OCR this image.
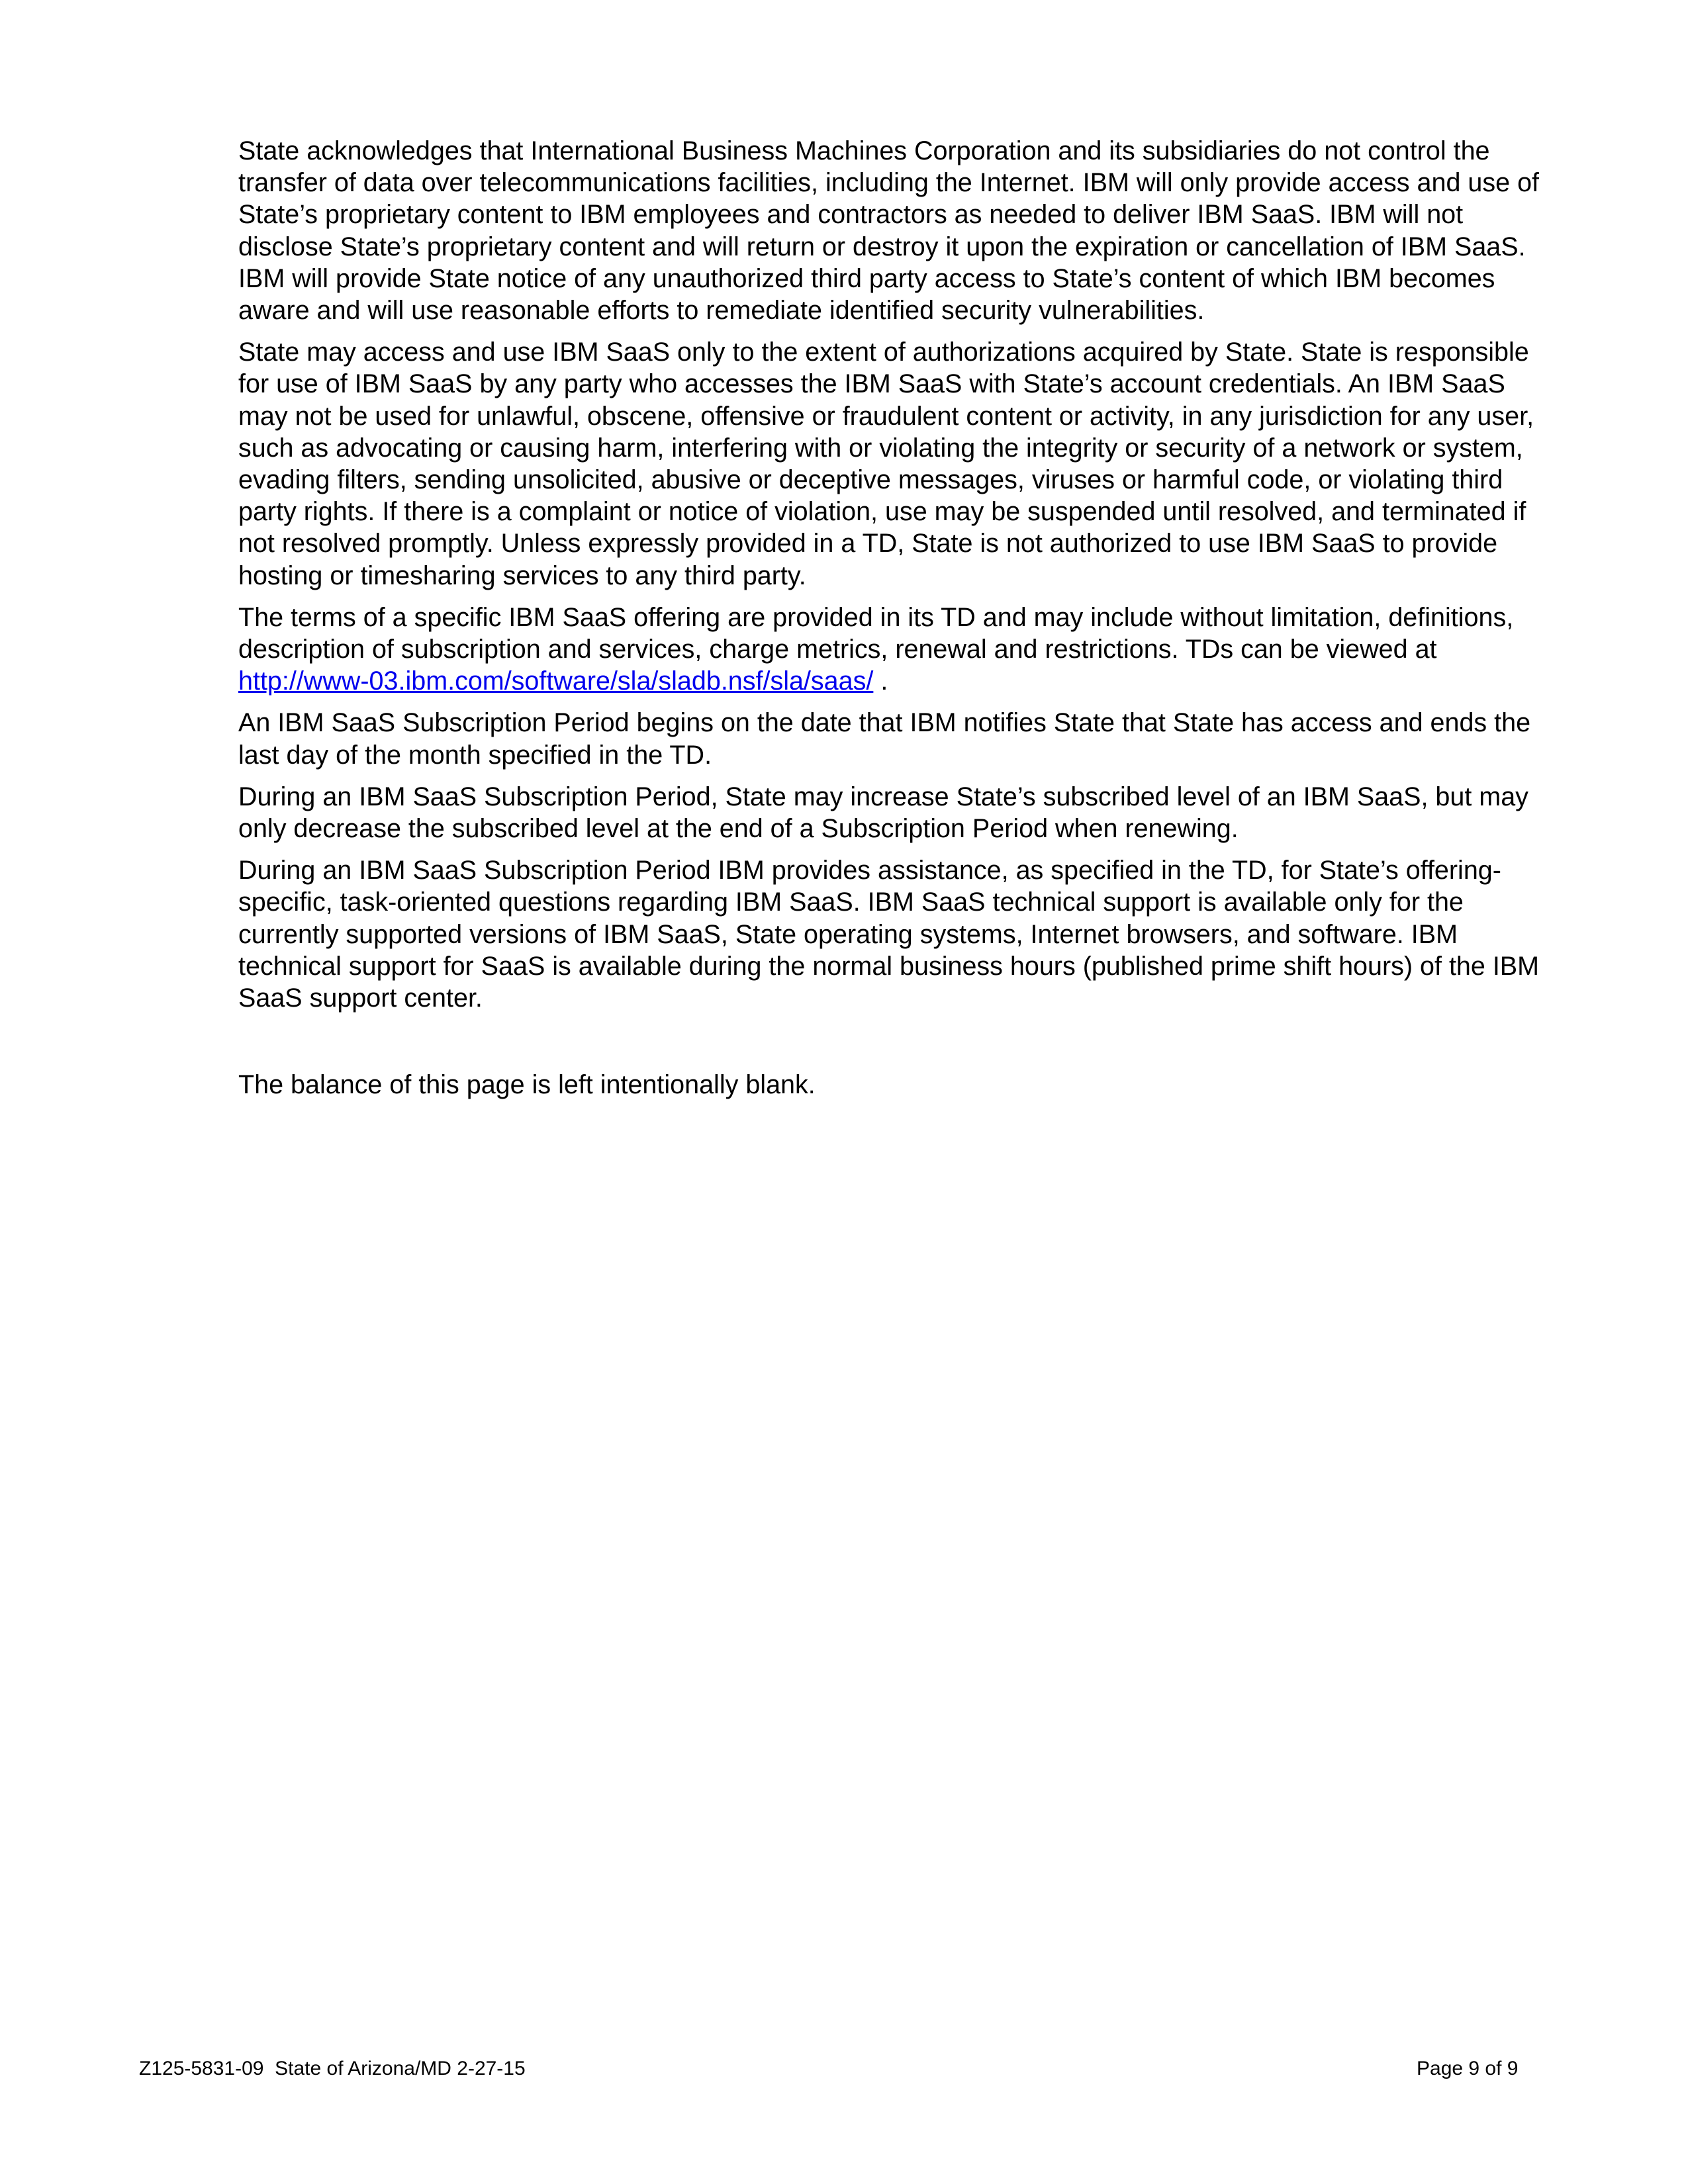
State acknowledges that International Business Machines Corporation and its subsidiaries do not control the transfer of data over telecommunications facilities, including the Internet. IBM will only provide access and use of State’s proprietary content to IBM employees and contractors as needed to deliver IBM SaaS. IBM will not disclose State’s proprietary content and will return or destroy it upon the expiration or cancellation of IBM SaaS. IBM will provide State notice of any unauthorized third party access to State’s content of which IBM becomes aware and will use reasonable efforts to remediate identified security vulnerabilities.

State may access and use IBM SaaS only to the extent of authorizations acquired by State. State is responsible for use of IBM SaaS by any party who accesses the IBM SaaS with State’s account credentials. An IBM SaaS may not be used for unlawful, obscene, offensive or fraudulent content or activity, in any jurisdiction for any user, such as advocating or causing harm, interfering with or violating the integrity or security of a network or system, evading filters, sending unsolicited, abusive or deceptive messages, viruses or harmful code, or violating third party rights. If there is a complaint or notice of violation, use may be suspended until resolved, and terminated if not resolved promptly. Unless expressly provided in a TD, State is not authorized to use IBM SaaS to provide hosting or timesharing services to any third party.

The terms of a specific IBM SaaS offering are provided in its TD and may include without limitation, definitions, description of subscription and services, charge metrics, renewal and restrictions. TDs can be viewed at http://www-03.ibm.com/software/sla/sladb.nsf/sla/saas/ .

An IBM SaaS Subscription Period begins on the date that IBM notifies State that State has access and ends the last day of the month specified in the TD.

During an IBM SaaS Subscription Period, State may increase State’s subscribed level of an IBM SaaS, but may only decrease the subscribed level at the end of a Subscription Period when renewing.

During an IBM SaaS Subscription Period IBM provides assistance, as specified in the TD, for State’s offering-specific, task-oriented questions regarding IBM SaaS. IBM SaaS technical support is available only for the currently supported versions of IBM SaaS, State operating systems, Internet browsers, and software. IBM technical support for SaaS is available during the normal business hours (published prime shift hours) of the IBM SaaS support center.

The balance of this page is left intentionally blank.

Z125-5831-09  State of Arizona/MD 2-27-15	Page 9 of 9
